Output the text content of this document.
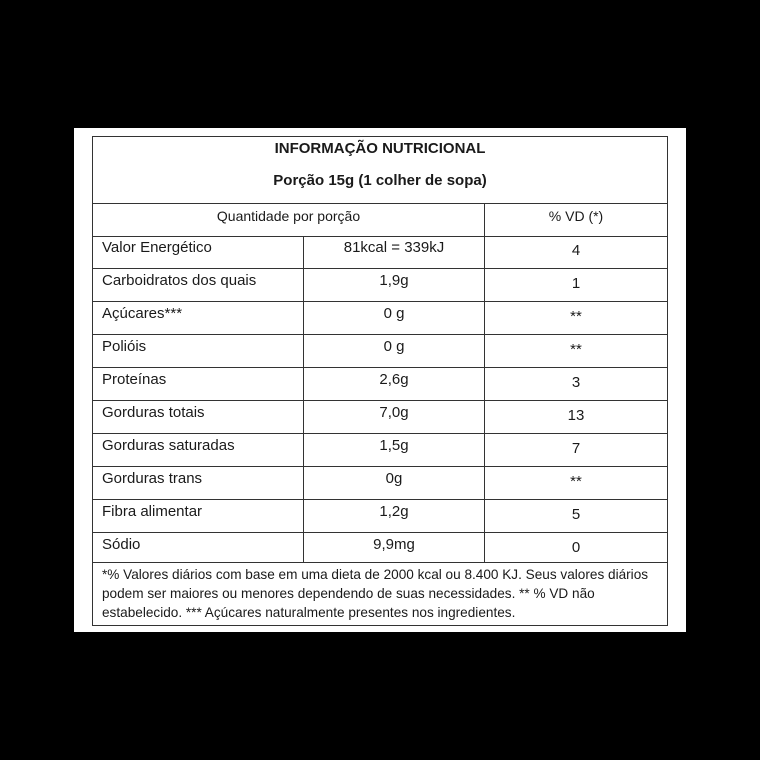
INFORMAÇÃO NUTRICIONAL
Porção 15g (1 colher de sopa)
Quantidade por porção	% VD (*)
Valor Energético	81kcal = 339kJ	4
Carboidratos dos quais	1,9g	1
Açúcares***	0 g	**
Polióis	0 g	**
Proteínas	2,6g	3
Gorduras totais	7,0g	13
Gorduras saturadas	1,5g	7
Gorduras trans	0g	**
Fibra alimentar	1,2g	5
Sódio	9,9mg	0
*% Valores diários com base em uma dieta de 2000 kcal ou 8.400 KJ. Seus valores diários podem ser maiores ou menores dependendo de suas necessidades. ** % VD não estabelecido. *** Açúcares naturalmente presentes nos ingredientes.
